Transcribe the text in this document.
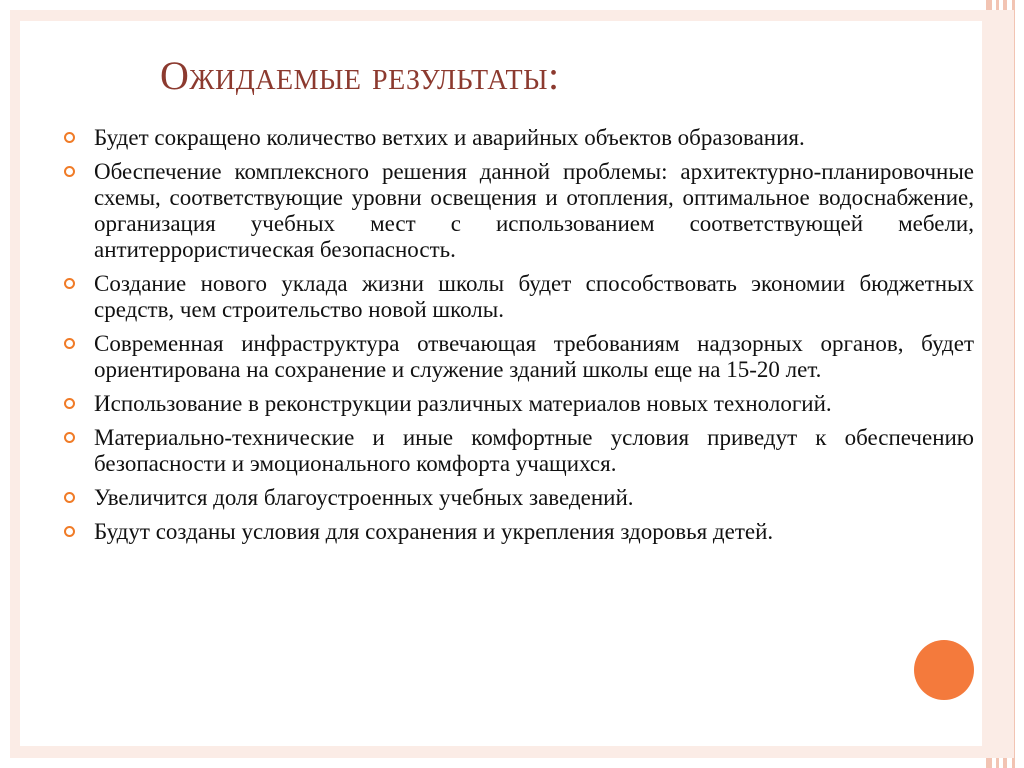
Ожидаемые результаты:
Будет сокращено количество ветхих и аварийных объектов образования.
Обеспечение комплексного решения данной проблемы: архитектурно-планировочные схемы, соответствующие уровни освещения и отопления, оптимальное водоснабжение, организация учебных мест с использованием соответствующей мебели, антитеррористическая безопасность.
Создание нового уклада жизни школы будет способствовать экономии бюджетных средств, чем строительство новой школы.
Современная инфраструктура отвечающая требованиям надзорных органов, будет ориентирована на сохранение и служение зданий школы еще на 15-20 лет.
Использование в реконструкции различных материалов новых технологий.
Материально-технические и иные комфортные условия приведут к обеспечению безопасности и эмоционального комфорта учащихся.
Увеличится доля благоустроенных учебных заведений.
Будут созданы условия для сохранения и укрепления здоровья детей.
